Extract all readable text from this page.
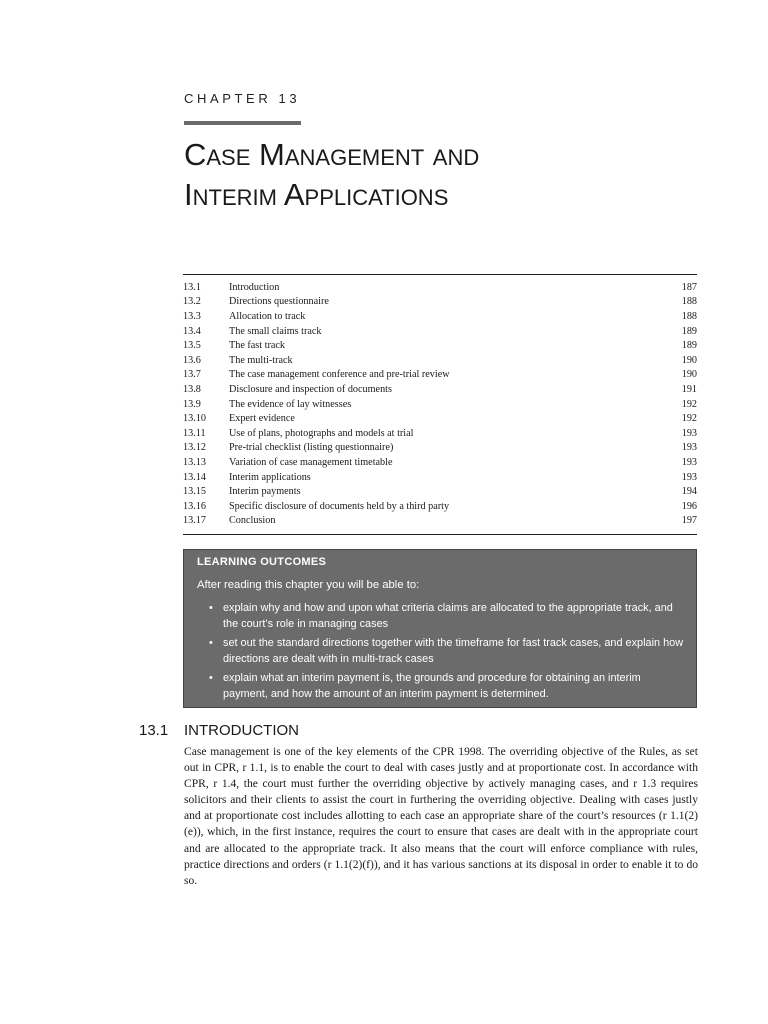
CHAPTER 13
Case Management and
Interim Applications
13.1	Introduction	187
13.2	Directions questionnaire	188
13.3	Allocation to track	188
13.4	The small claims track	189
13.5	The fast track	189
13.6	The multi-track	190
13.7	The case management conference and pre-trial review	190
13.8	Disclosure and inspection of documents	191
13.9	The evidence of lay witnesses	192
13.10	Expert evidence	192
13.11	Use of plans, photographs and models at trial	193
13.12	Pre-trial checklist (listing questionnaire)	193
13.13	Variation of case management timetable	193
13.14	Interim applications	193
13.15	Interim payments	194
13.16	Specific disclosure of documents held by a third party	196
13.17	Conclusion	197
LEARNING OUTCOMES
After reading this chapter you will be able to:
• explain why and how and upon what criteria claims are allocated to the appropriate track, and the court’s role in managing cases
• set out the standard directions together with the timeframe for fast track cases, and explain how directions are dealt with in multi-track cases
• explain what an interim payment is, the grounds and procedure for obtaining an interim payment, and how the amount of an interim payment is determined.
13.1 INTRODUCTION

Case management is one of the key elements of the CPR 1998. The overriding objective of the Rules, as set out in CPR, r 1.1, is to enable the court to deal with cases justly and at proportionate cost. In accordance with CPR, r 1.4, the court must further the overriding objective by actively managing cases, and r 1.3 requires solicitors and their clients to assist the court in furthering the overriding objective. Dealing with cases justly and at proportionate cost includes allotting to each case an appropriate share of the court’s resources (r 1.1(2)(e)), which, in the first instance, requires the court to ensure that cases are dealt with in the appropriate court and are allocated to the appropriate track. It also means that the court will enforce compliance with rules, practice directions and orders (r 1.1(2)(f)), and it has various sanctions at its disposal in order to enable it to do so.
